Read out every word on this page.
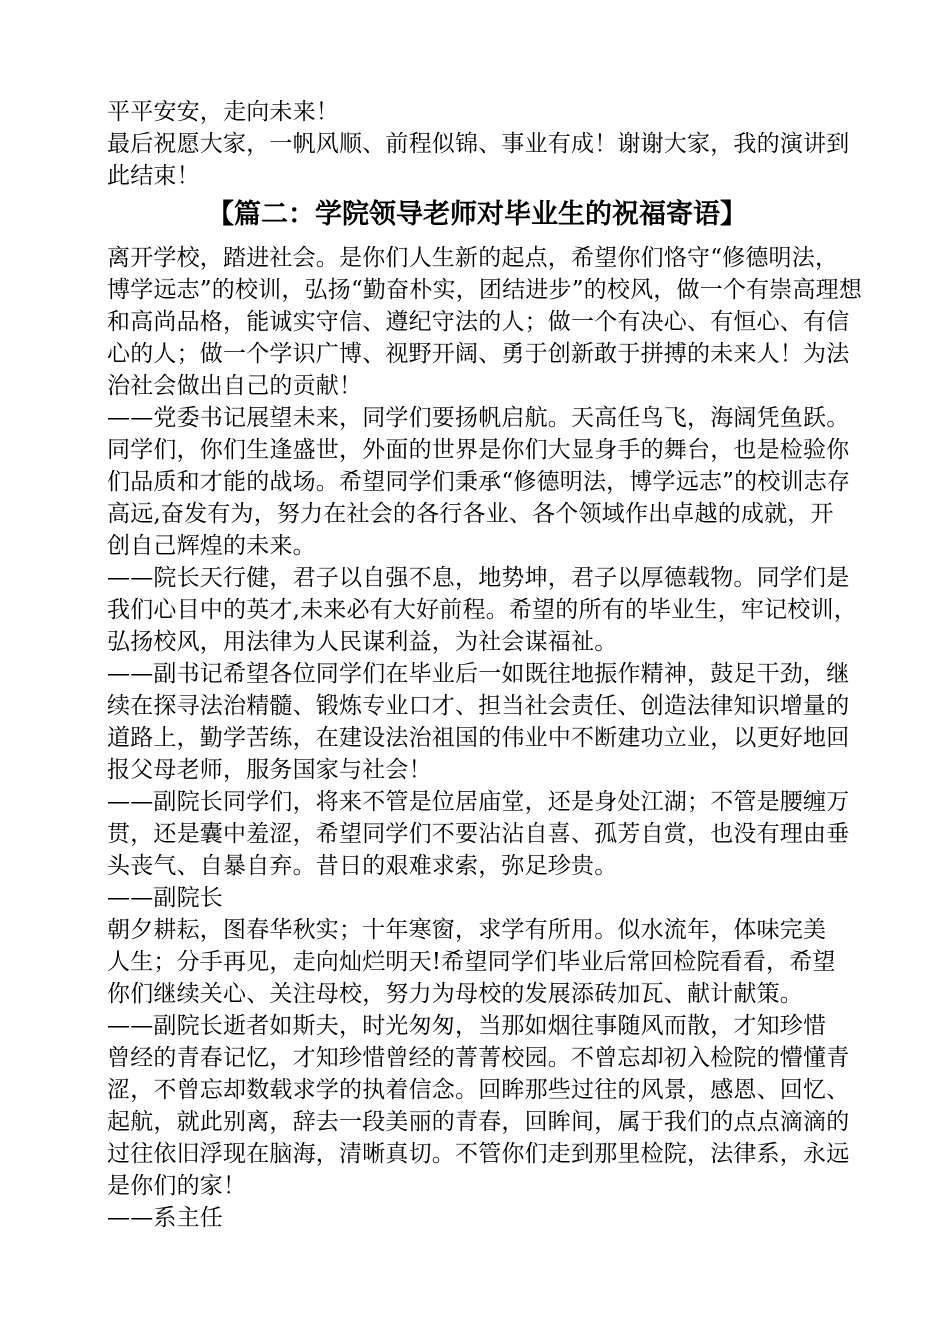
平平安安，走向未来！
最后祝愿大家，一帆风顺、前程似锦、事业有成！谢谢大家，我的演讲到
此结束！
【篇二：学院领导老师对毕业生的祝福寄语】
离开学校，踏进社会。是你们人生新的起点，希望你们恪守“修德明法，
博学远志”的校训，弘扬“勤奋朴实，团结进步”的校风，做一个有崇高理想
和高尚品格，能诚实守信、遵纪守法的人；做一个有决心、有恒心、有信
心的人；做一个学识广博、视野开阔、勇于创新敢于拼搏的未来人！为法
治社会做出自己的贡献！
——党委书记展望未来，同学们要扬帆启航。天高任鸟飞，海阔凭鱼跃。
同学们，你们生逢盛世，外面的世界是你们大显身手的舞台，也是检验你
们品质和才能的战场。希望同学们秉承“修德明法，博学远志”的校训志存
高远,奋发有为，努力在社会的各行各业、各个领域作出卓越的成就，开
创自己辉煌的未来。
——院长天行健，君子以自强不息，地势坤，君子以厚德载物。同学们是
我们心目中的英才,未来必有大好前程。希望的所有的毕业生，牢记校训，
弘扬校风，用法律为人民谋利益，为社会谋福祉。
——副书记希望各位同学们在毕业后一如既往地振作精神，鼓足干劲，继
续在探寻法治精髓、锻炼专业口才、担当社会责任、创造法律知识增量的
道路上，勤学苦练，在建设法治祖国的伟业中不断建功立业，以更好地回
报父母老师，服务国家与社会！
——副院长同学们，将来不管是位居庙堂，还是身处江湖；不管是腰缠万
贯，还是囊中羞涩，希望同学们不要沾沾自喜、孤芳自赏，也没有理由垂
头丧气、自暴自弃。昔日的艰难求索，弥足珍贵。
——副院长
朝夕耕耘，图春华秋实；十年寒窗，求学有所用。似水流年，体味完美
人生；分手再见，走向灿烂明天!希望同学们毕业后常回检院看看，希望
你们继续关心、关注母校，努力为母校的发展添砖加瓦、献计献策。
——副院长逝者如斯夫，时光匆匆，当那如烟往事随风而散，才知珍惜
曾经的青春记忆，才知珍惜曾经的菁菁校园。不曾忘却初入检院的懵懂青
涩，不曾忘却数载求学的执着信念。回眸那些过往的风景，感恩、回忆、
起航，就此别离，辞去一段美丽的青春，回眸间，属于我们的点点滴滴的
过往依旧浮现在脑海，清晰真切。不管你们走到那里检院，法律系，永远
是你们的家！
——系主任
